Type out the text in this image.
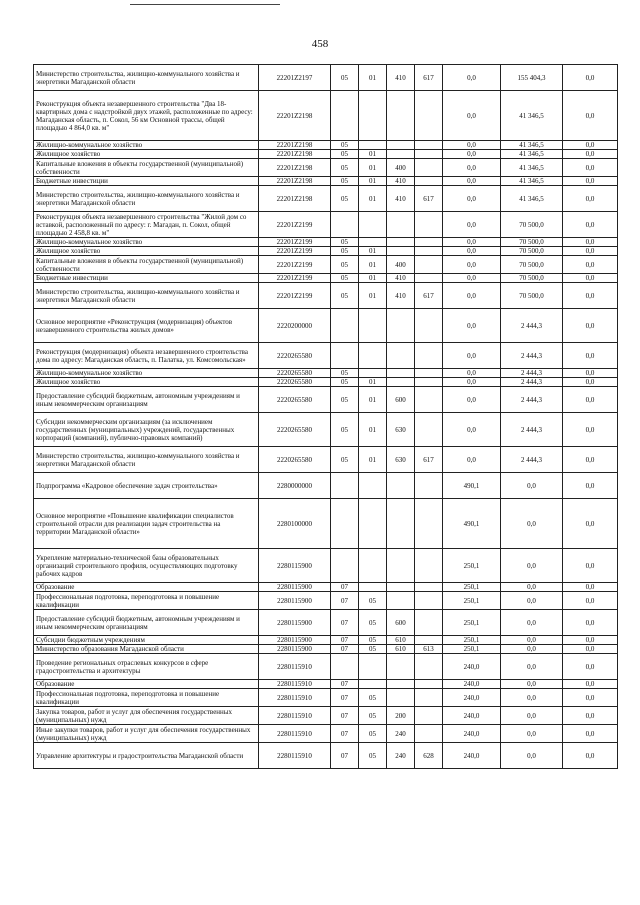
458
Министерство строительства, жилищно-коммунального хозяйства и энергетики Магаданской области	22201Z2197	05	01	410	617	0,0	155 404,3	0,0
Реконструкция объекта незавершенного строительства "Два 18-квартирных дома с надстройкой двух этажей, расположенные по адресу: Магаданская область, п. Сокол, 56 км Основной трассы, общей площадью 4 864,0 кв. м"	22201Z2198					0,0	41 346,5	0,0
Жилищно-коммунальное хозяйство	22201Z2198	05				0,0	41 346,5	0,0
Жилищное хозяйство	22201Z2198	05	01			0,0	41 346,5	0,0
Капитальные вложения в объекты государственной (муниципальной) собственности	22201Z2198	05	01	400		0,0	41 346,5	0,0
Бюджетные инвестиции	22201Z2198	05	01	410		0,0	41 346,5	0,0
Министерство строительства, жилищно-коммунального хозяйства и энергетики Магаданской области	22201Z2198	05	01	410	617	0,0	41 346,5	0,0
Реконструкция объекта незавершенного строительства "Жилой дом со вставкой, расположенный по адресу: г. Магадан, п. Сокол, общей площадью 2 458,8 кв. м"	22201Z2199					0,0	70 500,0	0,0
Жилищно-коммунальное хозяйство	22201Z2199	05				0,0	70 500,0	0,0
Жилищное хозяйство	22201Z2199	05	01			0,0	70 500,0	0,0
Капитальные вложения в объекты государственной (муниципальной) собственности	22201Z2199	05	01	400		0,0	70 500,0	0,0
Бюджетные инвестиции	22201Z2199	05	01	410		0,0	70 500,0	0,0
Министерство строительства, жилищно-коммунального хозяйства и энергетики Магаданской области	22201Z2199	05	01	410	617	0,0	70 500,0	0,0
Основное мероприятие «Реконструкция (модернизация) объектов незавершенного строительства жилых домов»	2220200000					0,0	2 444,3	0,0
Реконструкция (модернизация) объекта незавершенного строительства дома по адресу: Магаданская область, п. Палатка, ул. Комсомольская»	2220265580					0,0	2 444,3	0,0
Жилищно-коммунальное хозяйство	2220265580	05				0,0	2 444,3	0,0
Жилищное хозяйство	2220265580	05	01			0,0	2 444,3	0,0
Предоставление субсидий бюджетным, автономным учреждениям и иным некоммерческим организациям	2220265580	05	01	600		0,0	2 444,3	0,0
Субсидии некоммерческим организациям (за исключением государственных (муниципальных) учреждений, государственных корпораций (компаний), публично-правовых компаний)	2220265580	05	01	630		0,0	2 444,3	0,0
Министерство строительства, жилищно-коммунального хозяйства и энергетики Магаданской области	2220265580	05	01	630	617	0,0	2 444,3	0,0
Подпрограмма «Кадровое обеспечение задач строительства»	2280000000					490,1	0,0	0,0
Основное мероприятие «Повышение квалификации специалистов строительной отрасли для реализации задач строительства на территории Магаданской области»	2280100000					490,1	0,0	0,0
Укрепление материально-технической базы образовательных организаций строительного профиля, осуществляющих подготовку рабочих кадров	2280115900					250,1	0,0	0,0
Образование	2280115900	07				250,1	0,0	0,0
Профессиональная подготовка, переподготовка и повышение квалификации	2280115900	07	05			250,1	0,0	0,0
Предоставление субсидий бюджетным, автономным учреждениям и иным некоммерческим организациям	2280115900	07	05	600		250,1	0,0	0,0
Субсидии бюджетным учреждениям	2280115900	07	05	610		250,1	0,0	0,0
Министерство образования Магаданской области	2280115900	07	05	610	613	250,1	0,0	0,0
Проведение региональных отраслевых конкурсов в сфере градостроительства и архитектуры	2280115910					240,0	0,0	0,0
Образование	2280115910	07				240,0	0,0	0,0
Профессиональная подготовка, переподготовка и повышение квалификации	2280115910	07	05			240,0	0,0	0,0
Закупка товаров, работ и услуг для обеспечения государственных (муниципальных) нужд	2280115910	07	05	200		240,0	0,0	0,0
Иные закупки товаров, работ и услуг для обеспечения государственных (муниципальных) нужд	2280115910	07	05	240		240,0	0,0	0,0
Управление архитектуры и градостроительства Магаданской области	2280115910	07	05	240	628	240,0	0,0	0,0
